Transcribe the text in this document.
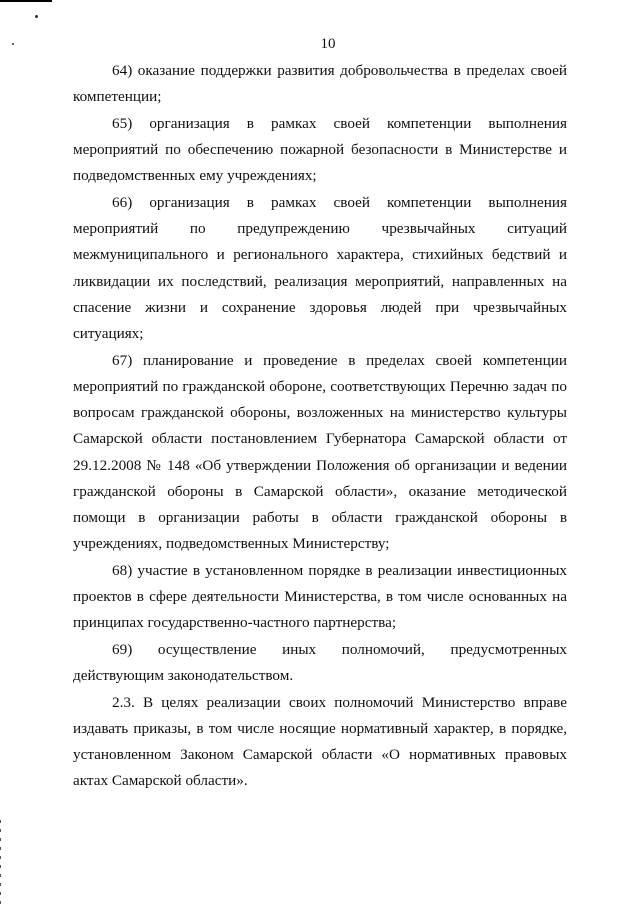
10

64) оказание поддержки развития добровольчества в пределах своей компетенции;

65) организация в рамках своей компетенции выполнения мероприятий по обеспечению пожарной безопасности в Министерстве и подведомственных ему учреждениях;

66) организация в рамках своей компетенции выполнения мероприятий по предупреждению чрезвычайных ситуаций межмуниципального и регионального характера, стихийных бедствий и ликвидации их последствий, реализация мероприятий, направленных на спасение жизни и сохранение здоровья людей при чрезвычайных ситуациях;

67) планирование и проведение в пределах своей компетенции мероприятий по гражданской обороне, соответствующих Перечню задач по вопросам гражданской обороны, возложенных на министерство культуры Самарской области постановлением Губернатора Самарской области от 29.12.2008 № 148 «Об утверждении Положения об организации и ведении гражданской обороны в Самарской области», оказание методической помощи в организации работы в области гражданской обороны в учреждениях, подведомственных Министерству;

68) участие в установленном порядке в реализации инвестиционных проектов в сфере деятельности Министерства, в том числе основанных на принципах государственно-частного партнерства;

69) осуществление иных полномочий, предусмотренных действующим законодательством.

2.3. В целях реализации своих полномочий Министерство вправе издавать приказы, в том числе носящие нормативный характер, в порядке, установленном Законом Самарской области «О нормативных правовых актах Самарской области».
